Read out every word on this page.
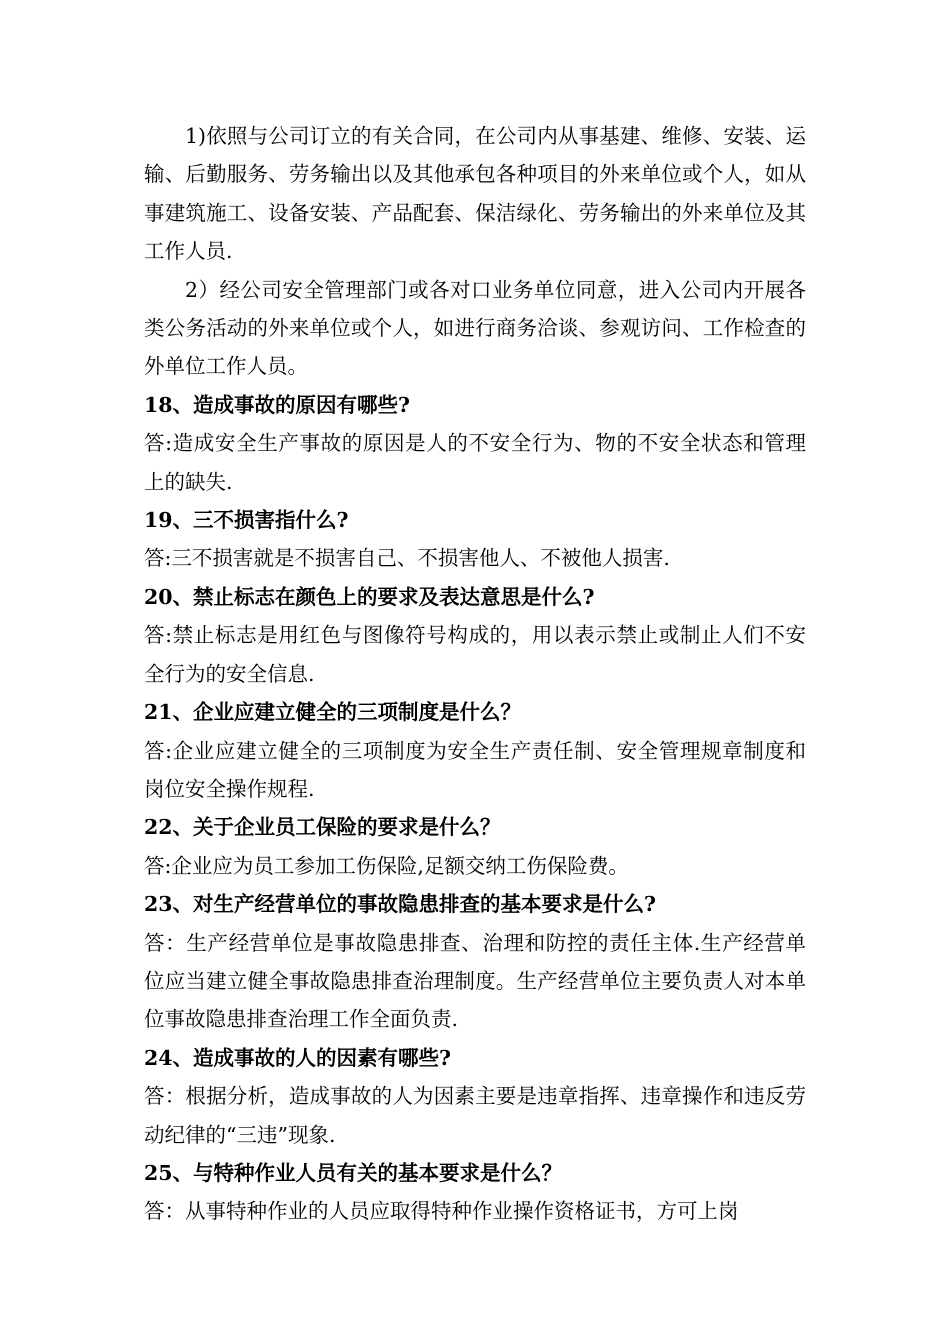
1)依照与公司订立的有关合同，在公司内从事基建、维修、安装、运输、后勤服务、劳务输出以及其他承包各种项目的外来单位或个人，如从事建筑施工、设备安装、产品配套、保洁绿化、劳务输出的外来单位及其工作人员.

2）经公司安全管理部门或各对口业务单位同意，进入公司内开展各类公务活动的外来单位或个人，如进行商务洽谈、参观访问、工作检查的外单位工作人员。

18、造成事故的原因有哪些?

答:造成安全生产事故的原因是人的不安全行为、物的不安全状态和管理上的缺失.

19、三不损害指什么?

答:三不损害就是不损害自己、不损害他人、不被他人损害.

20、禁止标志在颜色上的要求及表达意思是什么?

答:禁止标志是用红色与图像符号构成的，用以表示禁止或制止人们不安全行为的安全信息.

21、企业应建立健全的三项制度是什么？

答:企业应建立健全的三项制度为安全生产责任制、安全管理规章制度和岗位安全操作规程.

22、关于企业员工保险的要求是什么？

答:企业应为员工参加工伤保险,足额交纳工伤保险费。

23、对生产经营单位的事故隐患排查的基本要求是什么?

答：生产经营单位是事故隐患排查、治理和防控的责任主体.生产经营单位应当建立健全事故隐患排查治理制度。生产经营单位主要负责人对本单位事故隐患排查治理工作全面负责.

24、造成事故的人的因素有哪些?

答：根据分析，造成事故的人为因素主要是违章指挥、违章操作和违反劳动纪律的“三违”现象.

25、与特种作业人员有关的基本要求是什么？

答：从事特种作业的人员应取得特种作业操作资格证书，方可上岗
